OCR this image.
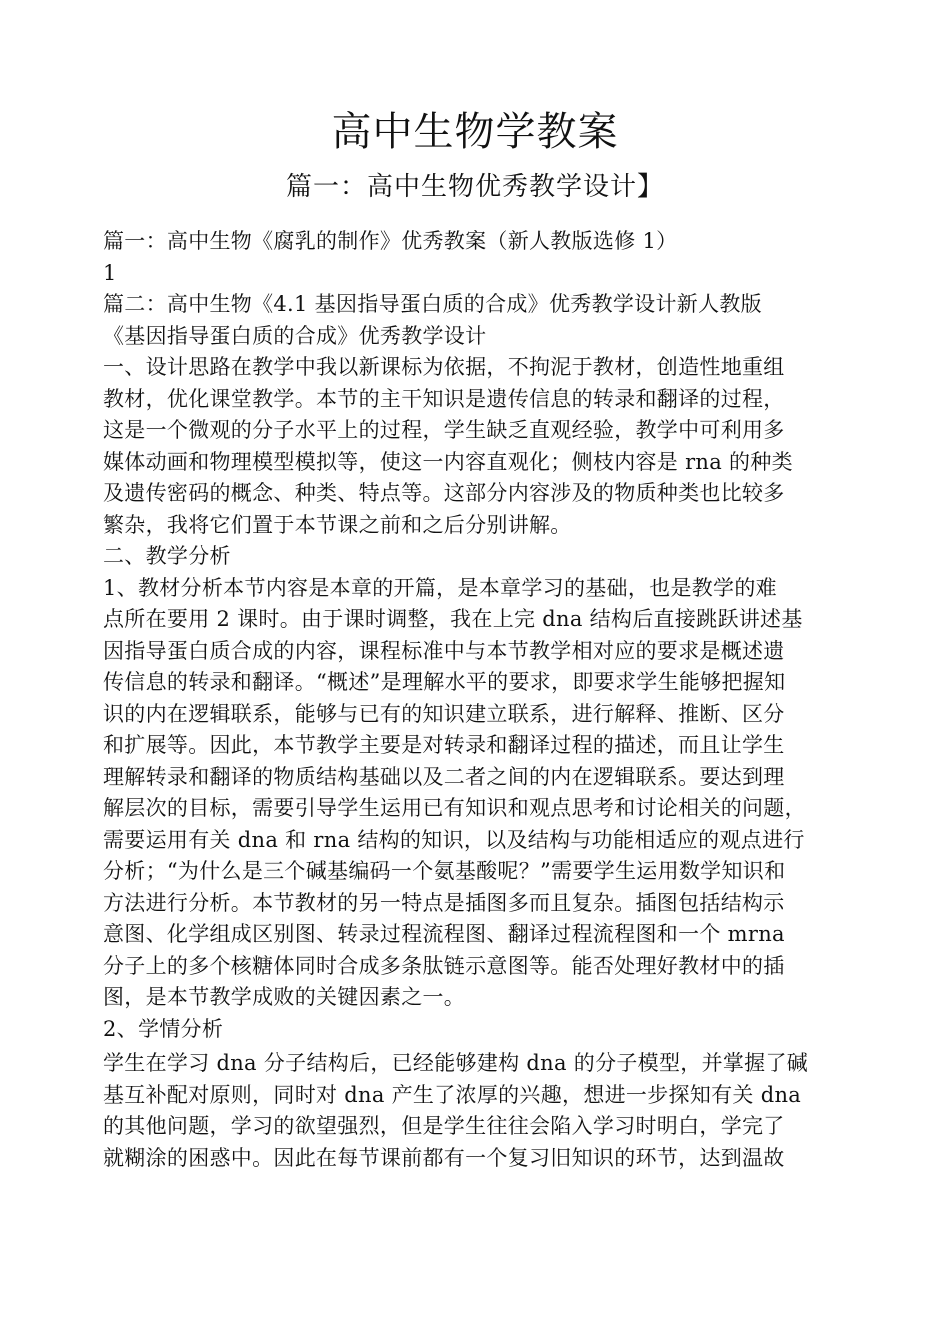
高中生物学教案
篇一：高中生物优秀教学设计】
篇一：高中生物《腐乳的制作》优秀教案（新人教版选修 1）
1
篇二：高中生物《4.1 基因指导蛋白质的合成》优秀教学设计新人教版
《基因指导蛋白质的合成》优秀教学设计
一、设计思路在教学中我以新课标为依据，不拘泥于教材，创造性地重组
教材，优化课堂教学。本节的主干知识是遗传信息的转录和翻译的过程，
这是一个微观的分子水平上的过程，学生缺乏直观经验，教学中可利用多
媒体动画和物理模型模拟等，使这一内容直观化；侧枝内容是 rna 的种类
及遗传密码的概念、种类、特点等。这部分内容涉及的物质种类也比较多
繁杂，我将它们置于本节课之前和之后分别讲解。
二、教学分析
1、教材分析本节内容是本章的开篇，是本章学习的基础，也是教学的难
点所在要用 2 课时。由于课时调整，我在上完 dna 结构后直接跳跃讲述基
因指导蛋白质合成的内容，课程标准中与本节教学相对应的要求是概述遗
传信息的转录和翻译。“概述”是理解水平的要求，即要求学生能够把握知
识的内在逻辑联系，能够与已有的知识建立联系，进行解释、推断、区分
和扩展等。因此，本节教学主要是对转录和翻译过程的描述，而且让学生
理解转录和翻译的物质结构基础以及二者之间的内在逻辑联系。要达到理
解层次的目标，需要引导学生运用已有知识和观点思考和讨论相关的问题，
需要运用有关 dna 和 rna 结构的知识，以及结构与功能相适应的观点进行
分析；“为什么是三个碱基编码一个氨基酸呢？”需要学生运用数学知识和
方法进行分析。本节教材的另一特点是插图多而且复杂。插图包括结构示
意图、化学组成区别图、转录过程流程图、翻译过程流程图和一个 mrna
分子上的多个核糖体同时合成多条肽链示意图等。能否处理好教材中的插
图，是本节教学成败的关键因素之一。
2、学情分析
学生在学习 dna 分子结构后，已经能够建构 dna 的分子模型，并掌握了碱
基互补配对原则，同时对 dna 产生了浓厚的兴趣，想进一步探知有关 dna
的其他问题，学习的欲望强烈，但是学生往往会陷入学习时明白，学完了
就糊涂的困惑中。因此在每节课前都有一个复习旧知识的环节，达到温故
